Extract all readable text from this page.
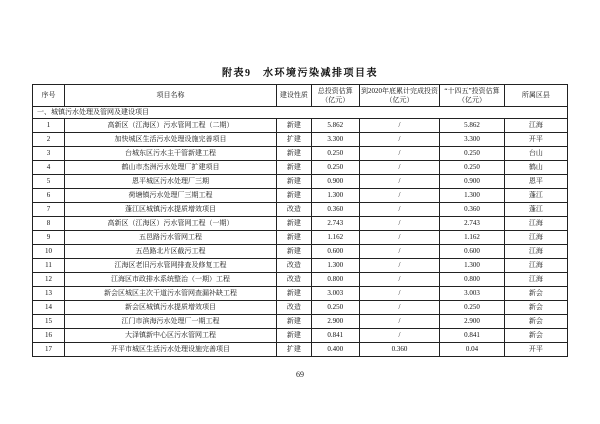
附表9　水环境污染减排项目表
序号	项目名称	建设性质	总投资估算（亿元）	到2020年底累计完成投资（亿元）	“十四五”投资估算（亿元）	所属区县
一、城镇污水处理及管网及建设项目						
1	高新区（江海区）污水管网工程（二期）	新建	5.862	/	5.862	江海
2	加快城区生活污水处理设施完善项目	扩建	3.300	/	3.300	开平
3	台城东区污水主干管新建工程	新建	0.250	/	0.250	台山
4	鹤山市杰洲污水处理厂扩建项目	新建	0.250	/	0.250	鹤山
5	恩平城区污水处理厂三期	新建	0.900	/	0.900	恩平
6	荷塘镇污水处理厂三期工程	新建	1.300	/	1.300	蓬江
7	蓬江区城镇污水提质增效项目	改造	0.360	/	0.360	蓬江
8	高新区（江海区）污水管网工程（一期）	新建	2.743	/	2.743	江海
9	五邑路污水管网工程	新建	1.162	/	1.162	江海
10	五邑路北片区截污工程	新建	0.600	/	0.600	江海
11	江海区老旧污水管网排查及修复工程	改造	1.300	/	1.300	江海
12	江海区市政排水系统整治（一期）工程	改造	0.800	/	0.800	江海
13	新会区城区主次干道污水管网查漏补缺工程	新建	3.003	/	3.003	新会
14	新会区城镇污水提质增效项目	改造	0.250	/	0.250	新会
15	江门市滨海污水处理厂一期工程	新建	2.900	/	2.900	新会
16	大泽镇新中心区污水管网工程	新建	0.841	/	0.841	新会
17	开平市城区生活污水处理设施完善项目	扩建	0.400	0.360	0.04	开平
69
